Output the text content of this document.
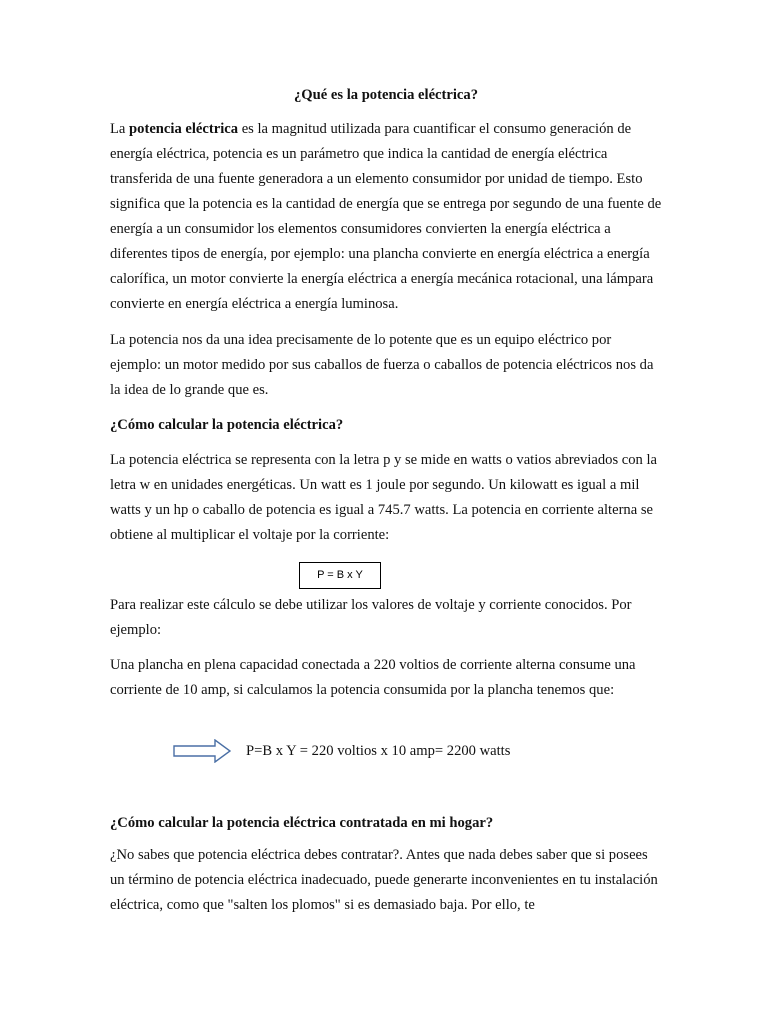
¿Qué es la potencia eléctrica?

La potencia eléctrica es la magnitud utilizada para cuantificar el consumo generación de energía eléctrica, potencia es un parámetro que indica la cantidad de energía eléctrica transferida de una fuente generadora a un elemento consumidor por unidad de tiempo. Esto significa que la potencia es la cantidad de energía que se entrega por segundo de una fuente de energía a un consumidor los elementos consumidores convierten la energía eléctrica a diferentes tipos de energía, por ejemplo: una plancha convierte en energía eléctrica a energía calorífica, un motor convierte la energía eléctrica a energía mecánica rotacional, una lámpara convierte en energía eléctrica a energía luminosa.

La potencia nos da una idea precisamente de lo potente que es un equipo eléctrico por ejemplo: un motor medido por sus caballos de fuerza o caballos de potencia eléctricos nos da la idea de lo grande que es.

¿Cómo calcular la potencia eléctrica?

La potencia eléctrica se representa con la letra p y se mide en watts o vatios abreviados con la letra w en unidades energéticas. Un watt es 1 joule por segundo. Un kilowatt es igual a mil watts y un hp o caballo de potencia es igual a 745.7 watts. La potencia en corriente alterna se obtiene al multiplicar el voltaje por la corriente:

P = B x Y

Para realizar este cálculo se debe utilizar los valores de voltaje y corriente conocidos. Por ejemplo:

Una plancha en plena capacidad conectada a 220 voltios de corriente alterna consume una corriente de 10 amp, si calculamos la potencia consumida por la plancha tenemos que:

P=B x Y = 220 voltios x 10 amp= 2200 watts

¿Cómo calcular la potencia eléctrica contratada en mi hogar?

¿No sabes que potencia eléctrica debes contratar?. Antes que nada debes saber que si posees un término de potencia eléctrica inadecuado, puede generarte inconvenientes en tu instalación eléctrica, como que "salten los plomos" si es demasiado baja. Por ello, te
